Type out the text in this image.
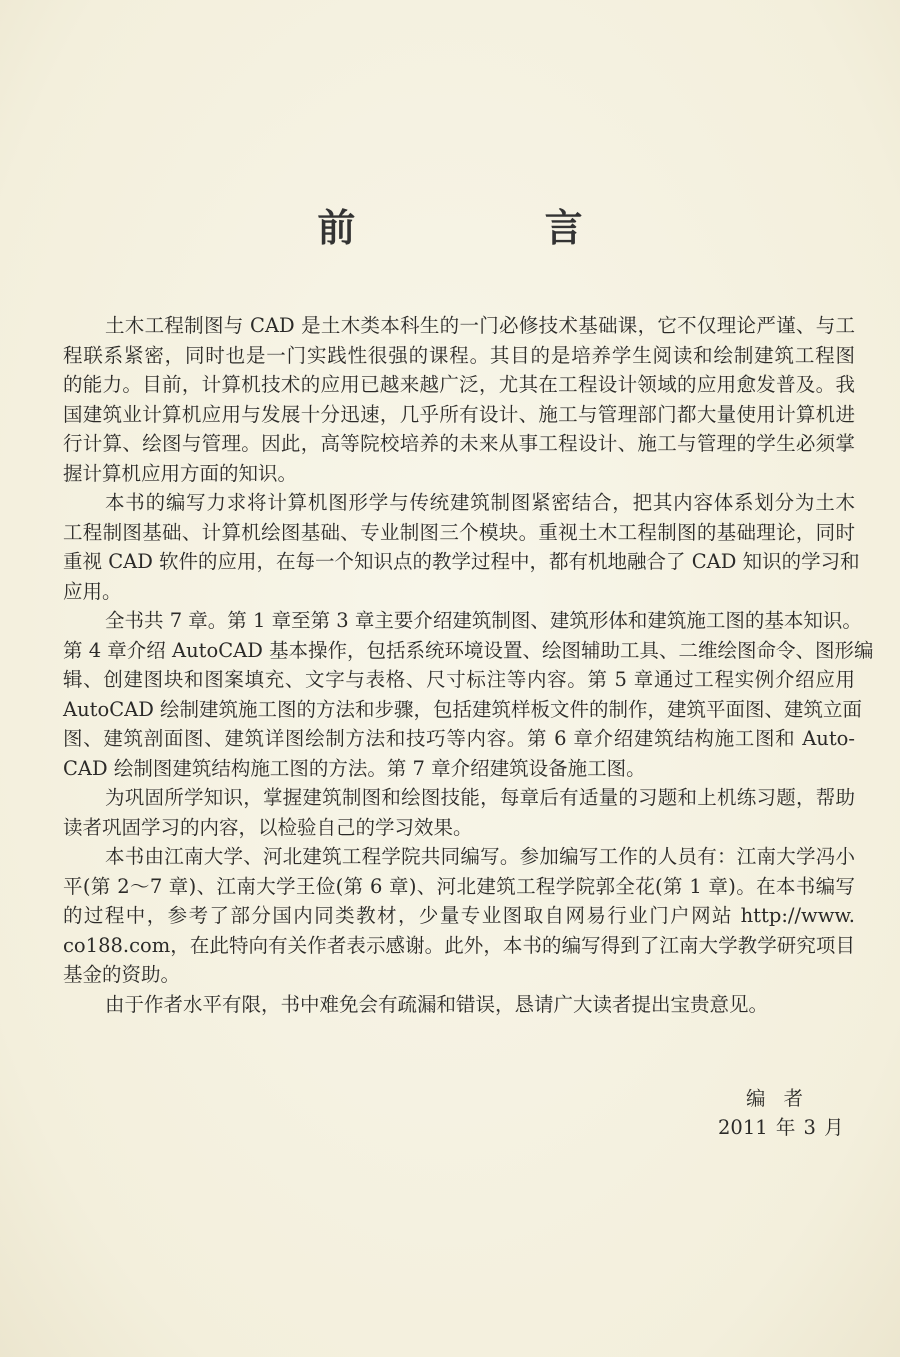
前 言
土木工程制图与 CAD 是土木类本科生的一门必修技术基础课，它不仅理论严谨、与工
程联系紧密，同时也是一门实践性很强的课程。其目的是培养学生阅读和绘制建筑工程图
的能力。目前，计算机技术的应用已越来越广泛，尤其在工程设计领域的应用愈发普及。我
国建筑业计算机应用与发展十分迅速，几乎所有设计、施工与管理部门都大量使用计算机进
行计算、绘图与管理。因此，高等院校培养的未来从事工程设计、施工与管理的学生必须掌
握计算机应用方面的知识。
本书的编写力求将计算机图形学与传统建筑制图紧密结合，把其内容体系划分为土木
工程制图基础、计算机绘图基础、专业制图三个模块。重视土木工程制图的基础理论，同时
重视 CAD 软件的应用，在每一个知识点的教学过程中，都有机地融合了 CAD 知识的学习和
应用。
全书共 7 章。第 1 章至第 3 章主要介绍建筑制图、建筑形体和建筑施工图的基本知识。
第 4 章介绍 AutoCAD 基本操作，包括系统环境设置、绘图辅助工具、二维绘图命令、图形编
辑、创建图块和图案填充、文字与表格、尺寸标注等内容。第 5 章通过工程实例介绍应用
AutoCAD 绘制建筑施工图的方法和步骤，包括建筑样板文件的制作，建筑平面图、建筑立面
图、建筑剖面图、建筑详图绘制方法和技巧等内容。第 6 章介绍建筑结构施工图和 Auto-
CAD 绘制图建筑结构施工图的方法。第 7 章介绍建筑设备施工图。
为巩固所学知识，掌握建筑制图和绘图技能，每章后有适量的习题和上机练习题，帮助
读者巩固学习的内容，以检验自己的学习效果。
本书由江南大学、河北建筑工程学院共同编写。参加编写工作的人员有：江南大学冯小
平(第 2～7 章)、江南大学王俭(第 6 章)、河北建筑工程学院郭全花(第 1 章)。在本书编写
的过程中，参考了部分国内同类教材，少量专业图取自网易行业门户网站 http://www.
co188.com，在此特向有关作者表示感谢。此外，本书的编写得到了江南大学教学研究项目
基金的资助。
由于作者水平有限，书中难免会有疏漏和错误，恳请广大读者提出宝贵意见。
编者
2011 年 3 月
